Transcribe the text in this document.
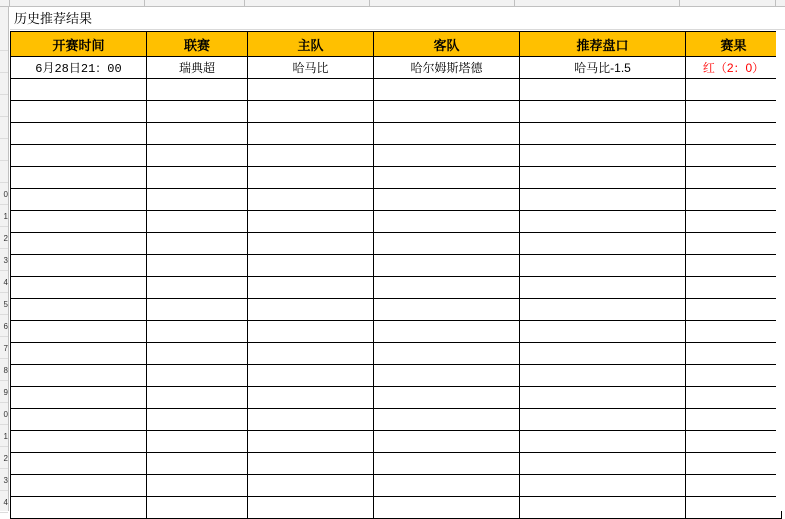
0
1
2
3
4
5
6
7
8
9
0
1
2
3
4
历史推荐结果
开赛时间	联赛	主队	客队	推荐盘口	赛果
6月28日21：00	瑞典超	哈马比	哈尔姆斯塔德	哈马比-1.5	红（2：0）
